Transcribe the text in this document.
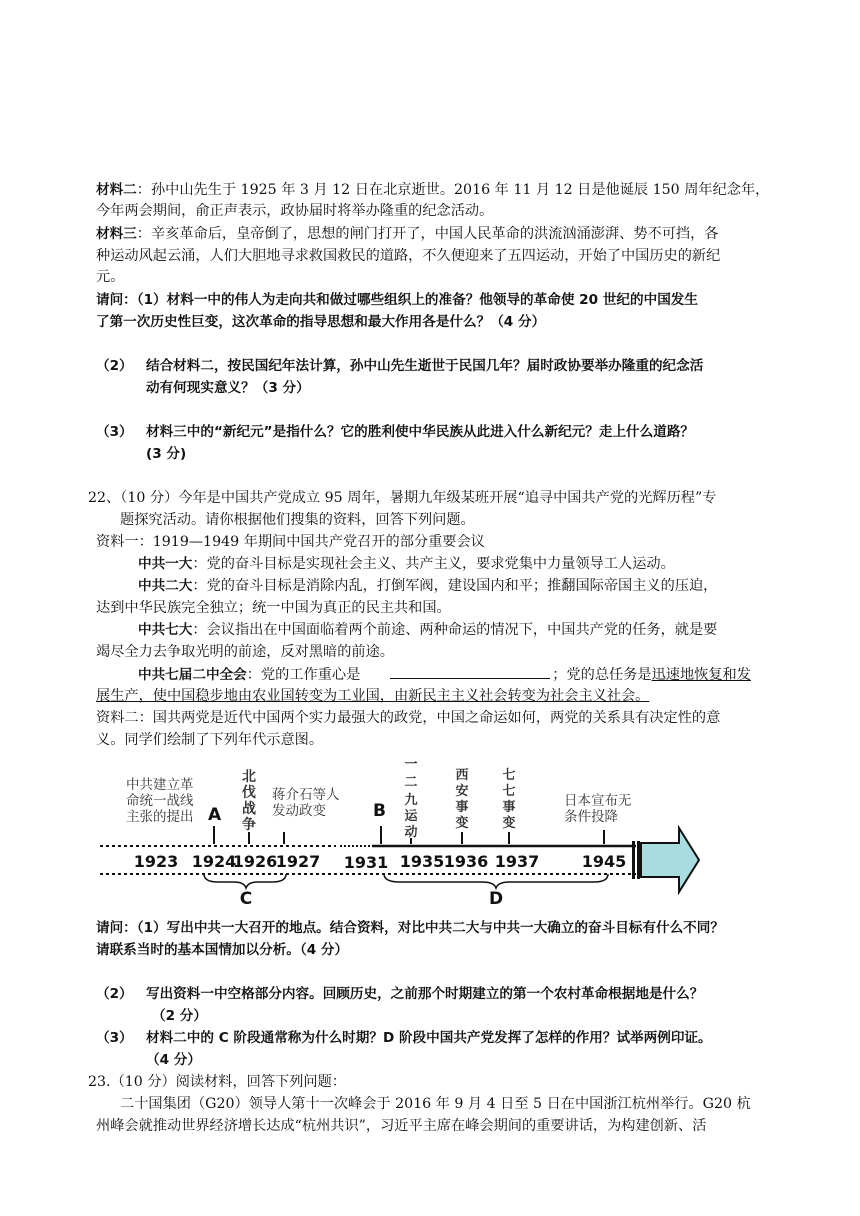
材料二：孙中山先生于 1925 年 3 月 12 日在北京逝世。2016 年 11 月 12 日是他诞辰 150 周年纪念年，
今年两会期间，俞正声表示，政协届时将举办隆重的纪念活动。
材料三：辛亥革命后，皇帝倒了，思想的闸门打开了，中国人民革命的洪流汹涌澎湃、势不可挡，各
种运动风起云涌，人们大胆地寻求救国救民的道路，不久便迎来了五四运动，开始了中国历史的新纪
元。
请问：（1）材料一中的伟人为走向共和做过哪些组织上的准备？他领导的革命使 20 世纪的中国发生
了第一次历史性巨变，这次革命的指导思想和最大作用各是什么？（4 分）
（2） 结合材料二，按民国纪年法计算，孙中山先生逝世于民国几年？届时政协要举办隆重的纪念活
动有何现实意义？（3 分）
（3） 材料三中的“新纪元”是指什么？它的胜利使中华民族从此进入什么新纪元？走上什么道路？
(3 分)
22、（10 分）今年是中国共产党成立 95 周年，暑期九年级某班开展“追寻中国共产党的光辉历程”专
题探究活动。请你根据他们搜集的资料，回答下列问题。
资料一：1919—1949 年期间中国共产党召开的部分重要会议
中共一大：党的奋斗目标是实现社会主义、共产主义，要求党集中力量领导工人运动。
中共二大：党的奋斗目标是消除内乱，打倒军阀，建设国内和平；推翻国际帝国主义的压迫，
达到中华民族完全独立；统一中国为真正的民主共和国。
中共七大：会议指出在中国面临着两个前途、两种命运的情况下，中国共产党的任务，就是要
竭尽全力去争取光明的前途，反对黑暗的前途。
中共七届二中全会：党的工作重心是	；党的总任务是迅速地恢复和发
展生产，使中国稳步地由农业国转变为工业国，由新民主主义社会转变为社会主义社会。
资料二：国共两党是近代中国两个实力最强大的政党，中国之命运如何，两党的关系具有决定性的意
义。同学们绘制了下列年代示意图。
中共建立革
命统一战线
主张的提出
北
伐
战
争
蒋介石等人
发动政变
一
二
九
运
动
西
安
事
变
七
七
事
变
日本宣布无
条件投降
A	B
1923 1924
1926
1927 1931 1935 1936 1937	1945
C	D
请问：（1）写出中共一大召开的地点。结合资料，对比中共二大与中共一大确立的奋斗目标有什么不同？
请联系当时的基本国情加以分析。（4 分）
（2） 写出资料一中空格部分内容。回顾历史，之前那个时期建立的第一个农村革命根据地是什么？
（2 分）
（3） 材料二中的 C 阶段通常称为什么时期？D 阶段中国共产党发挥了怎样的作用？试举两例印证。
（4 分）
23.（10 分）阅读材料，回答下列问题：
二十国集团（G20）领导人第十一次峰会于 2016 年 9 月 4 日至 5 日在中国浙江杭州举行。G20 杭
州峰会就推动世界经济增长达成“杭州共识”，习近平主席在峰会期间的重要讲话，为构建创新、活
